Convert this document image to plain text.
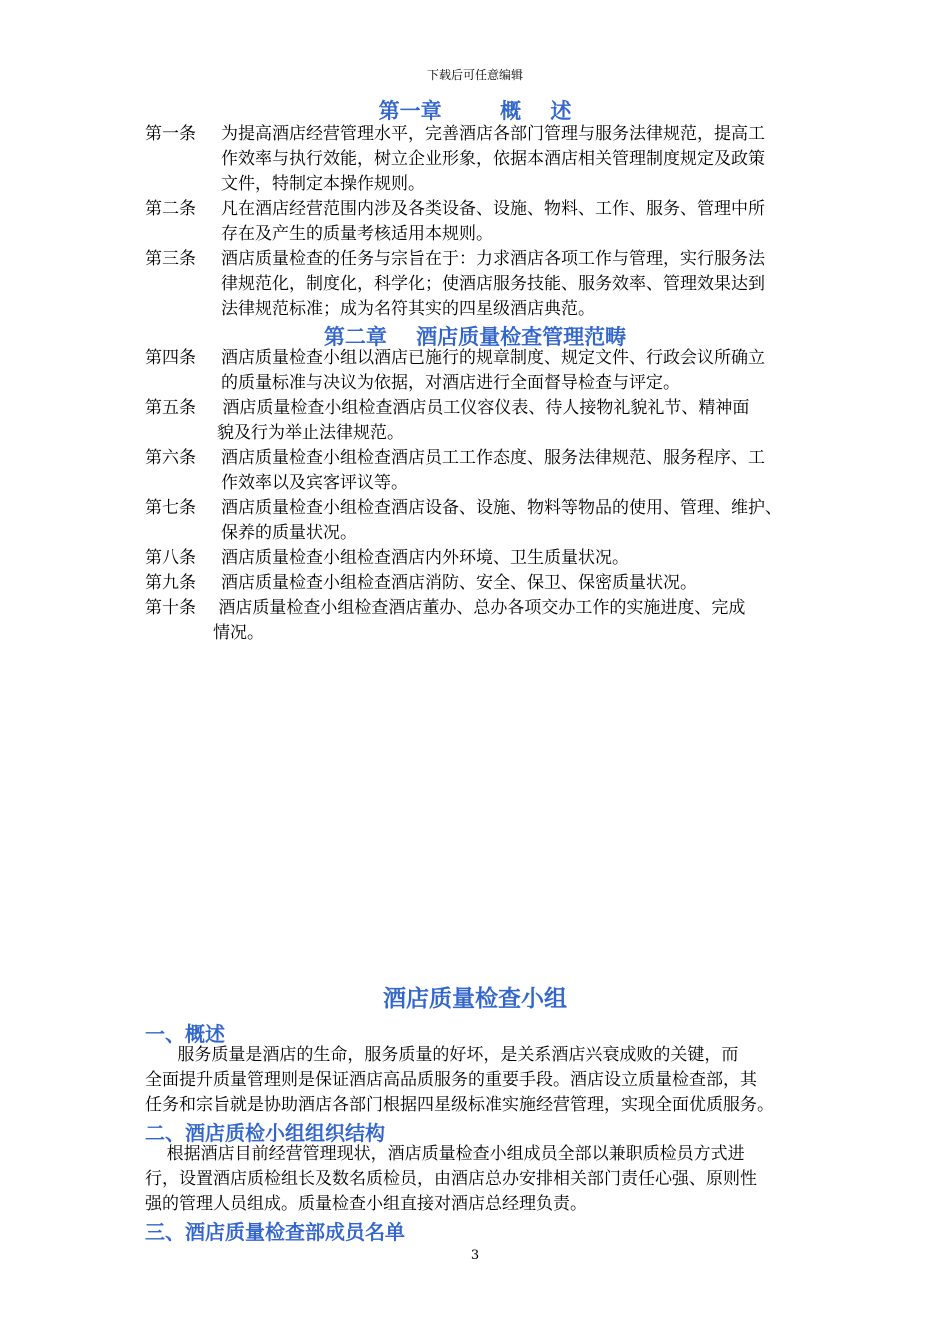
下载后可任意编辑
第一章        概    述
第二章    酒店质量检查管理范畴
酒店质量检查小组
一、概述
服务质量是酒店的生命，服务质量的好坏，是关系酒店兴衰成败的关键，而
全面提升质量管理则是保证酒店高品质服务的重要手段。酒店设立质量检查部，其
任务和宗旨就是协助酒店各部门根据四星级标准实施经营管理，实现全面优质服务。
二、酒店质检小组组织结构
根据酒店目前经营管理现状，酒店质量检查小组成员全部以兼职质检员方式进
行，设置酒店质检组长及数名质检员，由酒店总办安排相关部门责任心强、原则性
强的管理人员组成。质量检查小组直接对酒店总经理负责。
三、酒店质量检查部成员名单
3
第一条 为提高酒店经营管理水平，完善酒店各部门管理与服务法律规范，提高工
作效率与执行效能，树立企业形象，依据本酒店相关管理制度规定及政策
文件，特制定本操作规则。
第二条 凡在酒店经营范围内涉及各类设备、设施、物料、工作、服务、管理中所
存在及产生的质量考核适用本规则。
第三条 酒店质量检查的任务与宗旨在于：力求酒店各项工作与管理，实行服务法
律规范化，制度化，科学化；使酒店服务技能、服务效率、管理效果达到
法律规范标准；成为名符其实的四星级酒店典范。
第四条 酒店质量检查小组以酒店已施行的规章制度、规定文件、行政会议所确立
的质量标准与决议为依据，对酒店进行全面督导检查与评定。
第五条 酒店质量检查小组检查酒店员工仪容仪表、待人接物礼貌礼节、精神面
貌及行为举止法律规范。
第六条 酒店质量检查小组检查酒店员工工作态度、服务法律规范、服务程序、工
作效率以及宾客评议等。
第七条 酒店质量检查小组检查酒店设备、设施、物料等物品的使用、管理、维护、
保养的质量状况。
第八条 酒店质量检查小组检查酒店内外环境、卫生质量状况。
第九条 酒店质量检查小组检查酒店消防、安全、保卫、保密质量状况。
第十条 酒店质量检查小组检查酒店董办、总办各项交办工作的实施进度、完成
情况。
